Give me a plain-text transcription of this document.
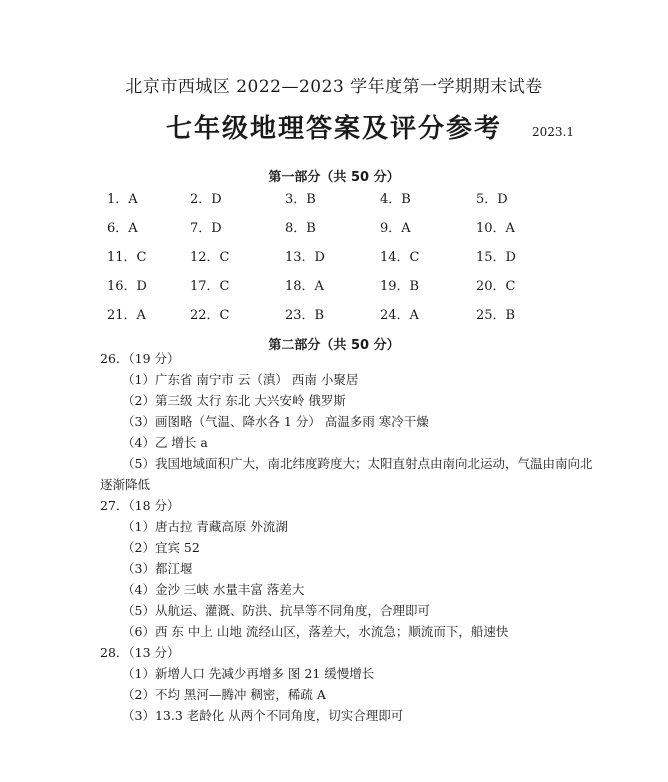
北京市西城区 2022—2023 学年度第一学期期末试卷
七年级地理答案及评分参考	2023.1
第一部分（共 50 分）
1．A	2．D	3．B	4．B	5．D
6．A	7．D	8．B	9．A	10．A
11．C	12．C	13．D	14．C	15．D
16．D	17．C	18．A	19．B	20．C
21．A	22．C	23．B	24．A	25．B
第二部分（共 50 分）
26．（19 分）
（1）广东省 南宁市 云（滇） 西南 小聚居
（2）第三级 太行 东北 大兴安岭 俄罗斯
（3）画图略（气温、降水各 1 分） 高温多雨 寒冷干燥
（4）乙 增长 a
（5）我国地域面积广大，南北纬度跨度大；太阳直射点由南向北运动，气温由南向北
逐渐降低
27．（18 分）
（1）唐古拉 青藏高原 外流湖
（2）宜宾 52
（3）都江堰
（4）金沙 三峡 水量丰富 落差大
（5）从航运、灌溉、防洪、抗旱等不同角度，合理即可
（6）西 东 中上 山地 流经山区，落差大，水流急；顺流而下，船速快
28．（13 分）
（1）新增人口 先减少再增多 图 21 缓慢增长
（2）不均 黑河—腾冲 稠密，稀疏 A
（3）13.3 老龄化 从两个不同角度，切实合理即可
